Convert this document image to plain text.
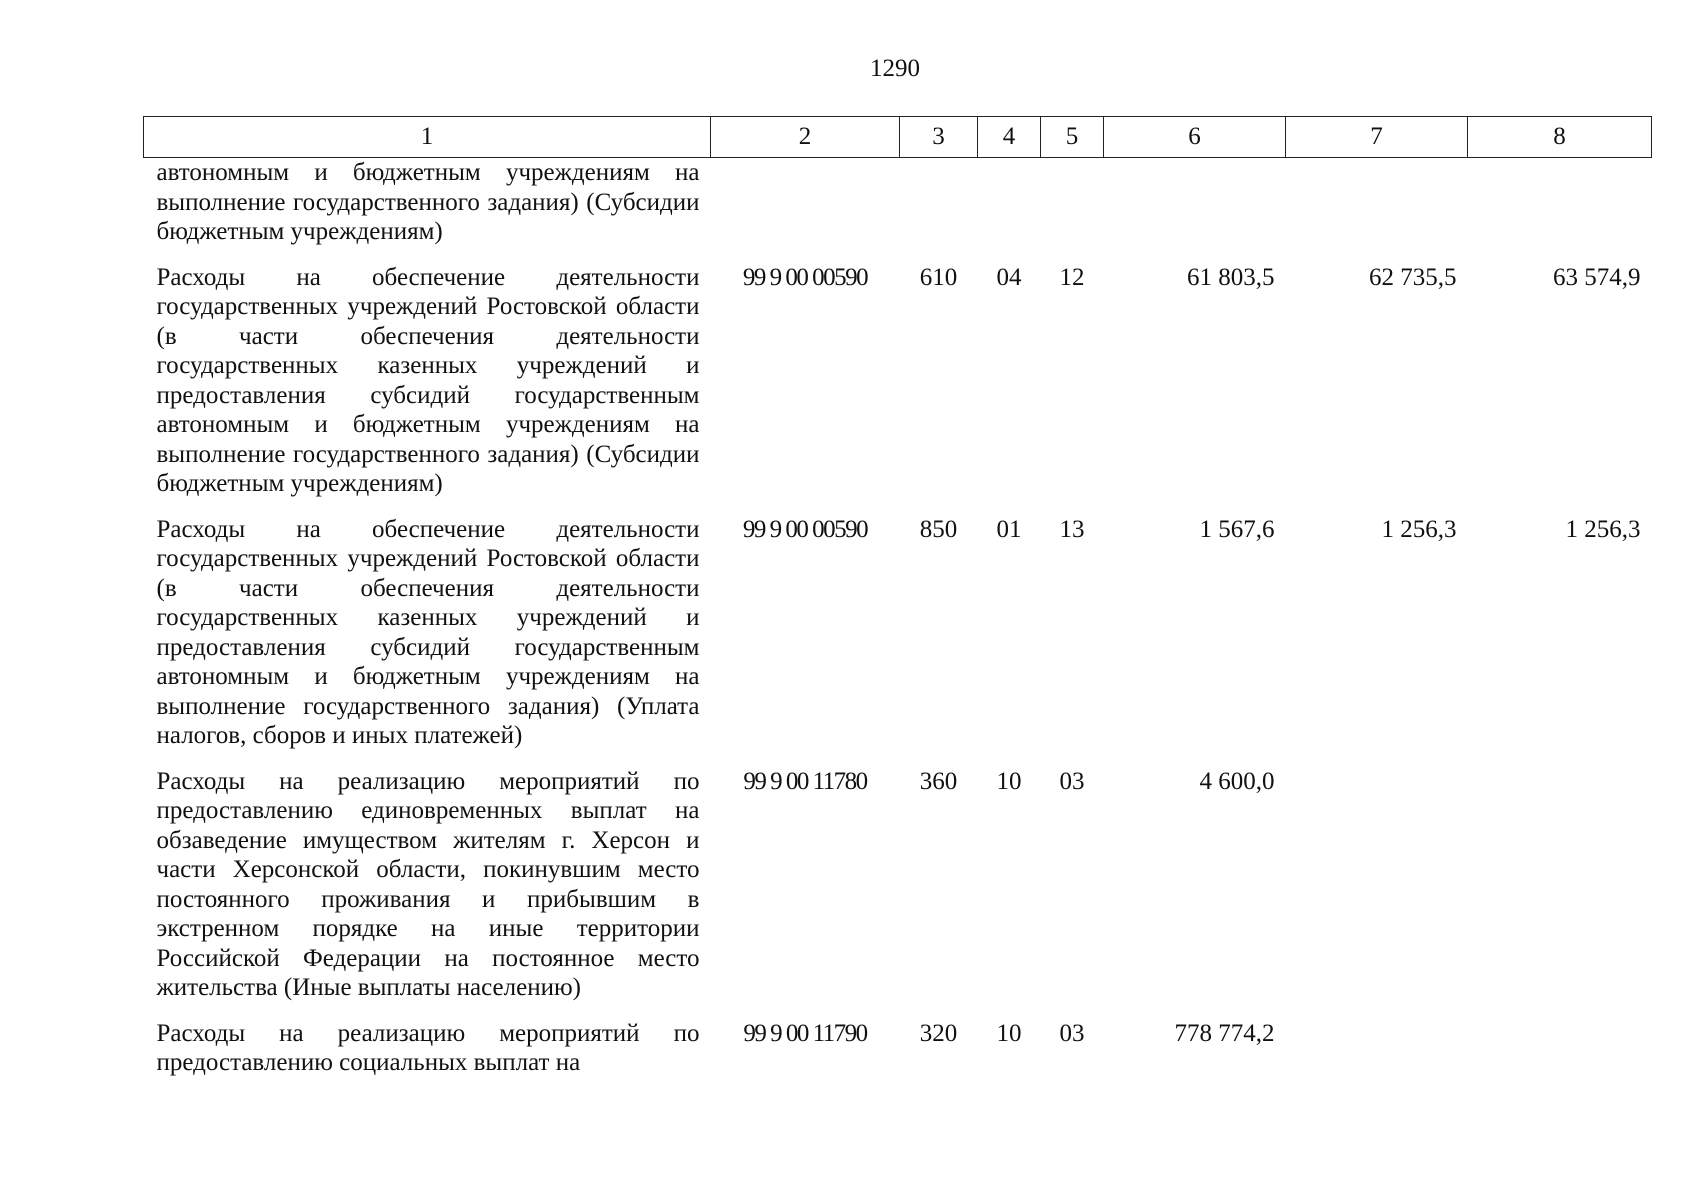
1290
1	2	3	4	5	6	7	8
автономным и бюджетным учреждениям на выполнение государственного задания) (Субсидии бюджетным учреждениям)							
Расходы на обеспечение деятельности государственных учреждений Ростовской области (в части обеспечения деятельности государственных казенных учреждений и предоставления субсидий государственным автономным и бюджетным учреждениям на выполнение государственного задания) (Субсидии бюджетным учреждениям)	99 9 00 00590	610	04	12	61 803,5	62 735,5	63 574,9
Расходы на обеспечение деятельности государственных учреждений Ростовской области (в части обеспечения деятельности государственных казенных учреждений и предоставления субсидий государственным автономным и бюджетным учреждениям на выполнение государственного задания) (Уплата налогов, сборов и иных платежей)	99 9 00 00590	850	01	13	1 567,6	1 256,3	1 256,3
Расходы на реализацию мероприятий по предоставлению единовременных выплат на обзаведение имуществом жителям г. Херсон и части Херсонской области, покинувшим место постоянного проживания и прибывшим в экстренном порядке на иные территории Российской Федерации на постоянное место жительства (Иные выплаты населению)	99 9 00 11780	360	10	03	4 600,0		
Расходы на реализацию мероприятий по предоставлению социальных выплат на	99 9 00 11790	320	10	03	778 774,2		
